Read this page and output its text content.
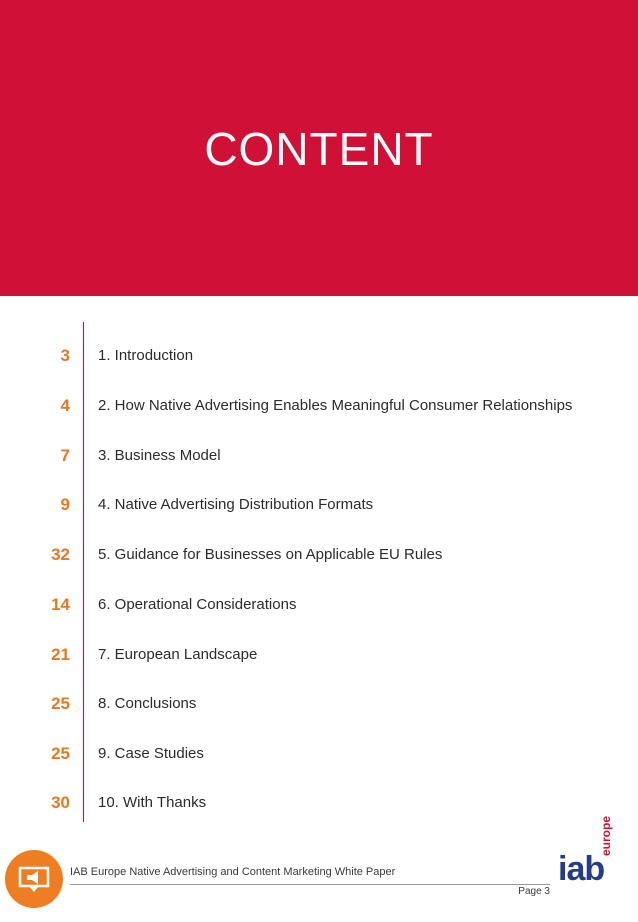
CONTENT
3 1. Introduction
4 2. How Native Advertising Enables Meaningful Consumer Relationships
7 3. Business Model
9 4. Native Advertising Distribution Formats
32 5. Guidance for Businesses on Applicable EU Rules
14 6. Operational Considerations
21 7. European Landscape
25 8. Conclusions
25 9. Case Studies
30 10. With Thanks
IAB Europe Native Advertising and Content Marketing White Paper
Page 3
iab
europe
